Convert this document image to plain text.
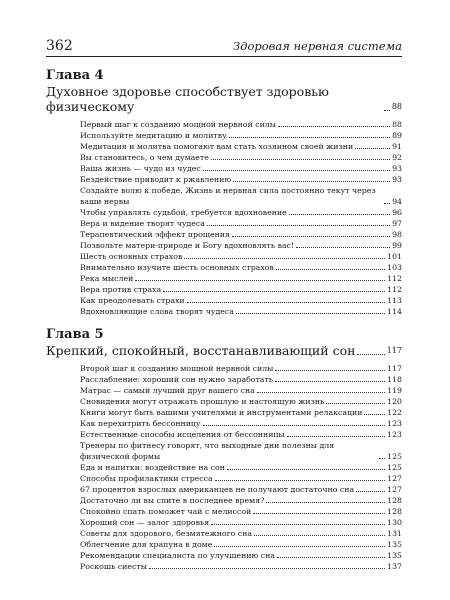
362	Здоровая нервная система
Глава 4
Духовное здоровье способствует здоровью физическому	88
Первый шаг к созданию мощной нервной силы	88
Используйте медитацию и молитву	89
Медитация и молитва помогают вам стать хозяином своей жизни	91
Вы становитесь, о чем думаете	92
Ваша жизнь — чудо из чудес	93
Бездействие приводит к ржавлению	93
Создайте волю к победе. Жизнь и нервная сила постоянно текут через ваши нервы	94
Чтобы управлять судьбой, требуется вдохновение	96
Вера и видение творят чудеса	97
Терапевтический эффект прощения	98
Позвольте матери-природе и Богу вдохновлять вас!	99
Шесть основных страхов	101
Внимательно изучите шесть основных страхов	103
Река мыслей	112
Вера против страха	112
Как преодолевать страхи	113
Вдохновляющие слова творят чудеса	114
Глава 5
Крепкий, спокойный, восстанавливающий сон	117
Второй шаг к созданию мощной нервной силы	117
Расслабление: хороший сон нужно заработать	118
Матрас — самый лучший друг вашего сна	119
Сновидения могут отражать прошлую и настоящую жизнь	120
Книги могут быть вашими учителями и инструментами релаксации	122
Как перехитрить бессонницу	123
Естественные способы исцеления от бессонницы	123
Тренеры по фитнесу говорят, что выходные дни полезны для физической формы	125
Еда и напитки: воздействие на сон	125
Способы профилактики стресса	127
67 процентов взрослых американцев не получают достаточно сна	127
Достаточно ли вы спите в последнее время?	128
Спокойно спать поможет чай с мелиссой	128
Хороший сон — залог здоровья	130
Советы для здорового, безмятежного сна	131
Облегчение для храпуна в доме	135
Рекомендации специалиста по улучшению сна	135
Роскошь сиесты	137
